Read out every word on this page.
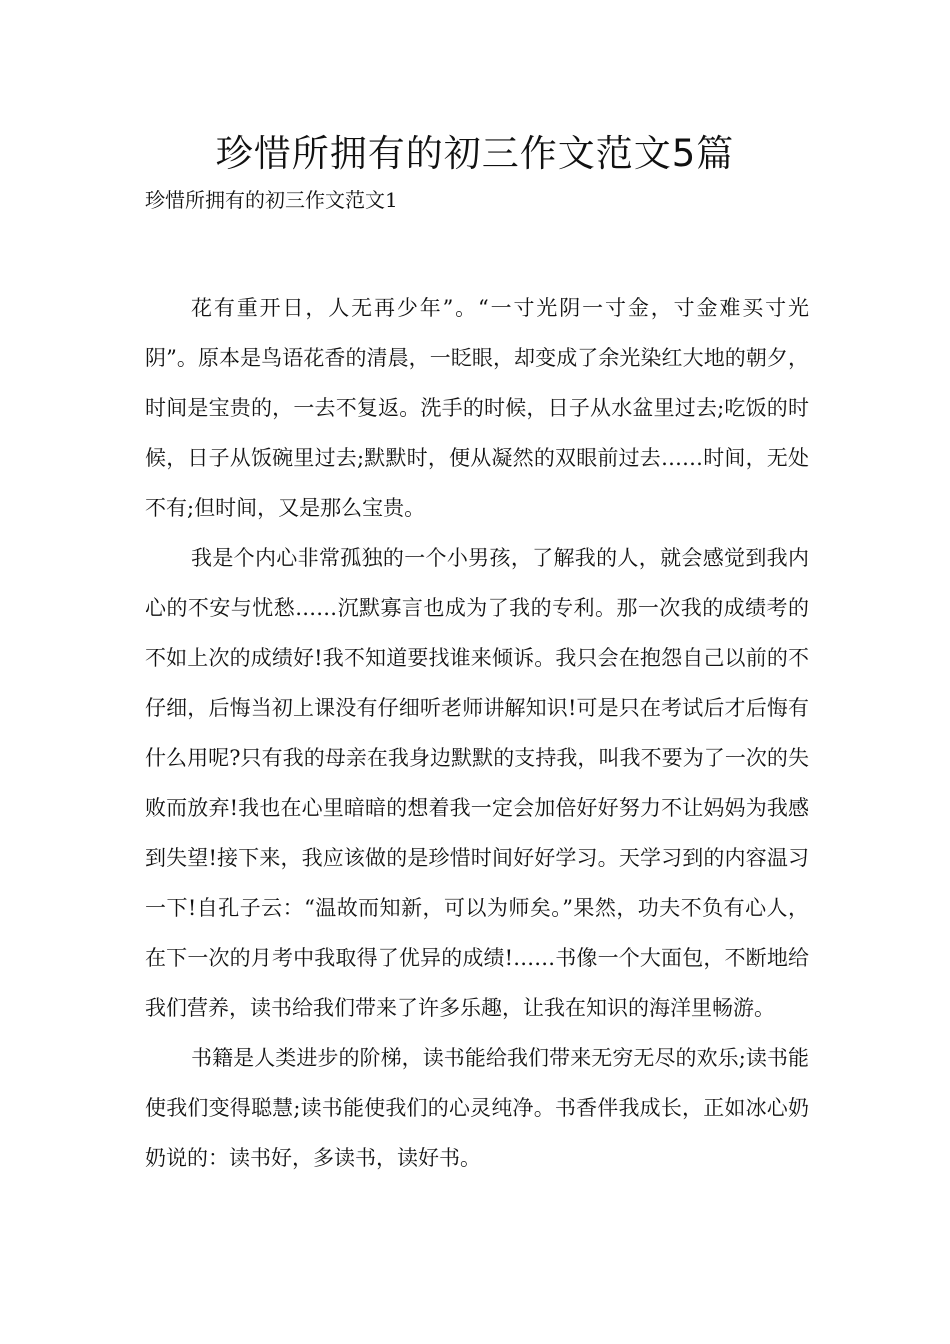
珍惜所拥有的初三作文范文5篇

珍惜所拥有的初三作文范文1

花有重开日，人无再少年”。“一寸光阴一寸金，寸金难买寸光阴”。原本是鸟语花香的清晨，一眨眼，却变成了余光染红大地的朝夕，时间是宝贵的，一去不复返。洗手的时候，日子从水盆里过去;吃饭的时候，日子从饭碗里过去;默默时，便从凝然的双眼前过去……时间，无处不有;但时间，又是那么宝贵。

我是个内心非常孤独的一个小男孩，了解我的人，就会感觉到我内心的不安与忧愁……沉默寡言也成为了我的专利。那一次我的成绩考的不如上次的成绩好!我不知道要找谁来倾诉。我只会在抱怨自己以前的不仔细，后悔当初上课没有仔细听老师讲解知识!可是只在考试后才后悔有什么用呢?只有我的母亲在我身边默默的支持我，叫我不要为了一次的失败而放弃!我也在心里暗暗的想着我一定会加倍好好努力不让妈妈为我感到失望!接下来，我应该做的是珍惜时间好好学习。天学习到的内容温习一下!自孔子云：“温故而知新，可以为师矣。”果然，功夫不负有心人，在下一次的月考中我取得了优异的成绩!……书像一个大面包，不断地给我们营养，读书给我们带来了许多乐趣，让我在知识的海洋里畅游。

书籍是人类进步的阶梯，读书能给我们带来无穷无尽的欢乐;读书能使我们变得聪慧;读书能使我们的心灵纯净。书香伴我成长，正如冰心奶奶说的：读书好，多读书，读好书。
